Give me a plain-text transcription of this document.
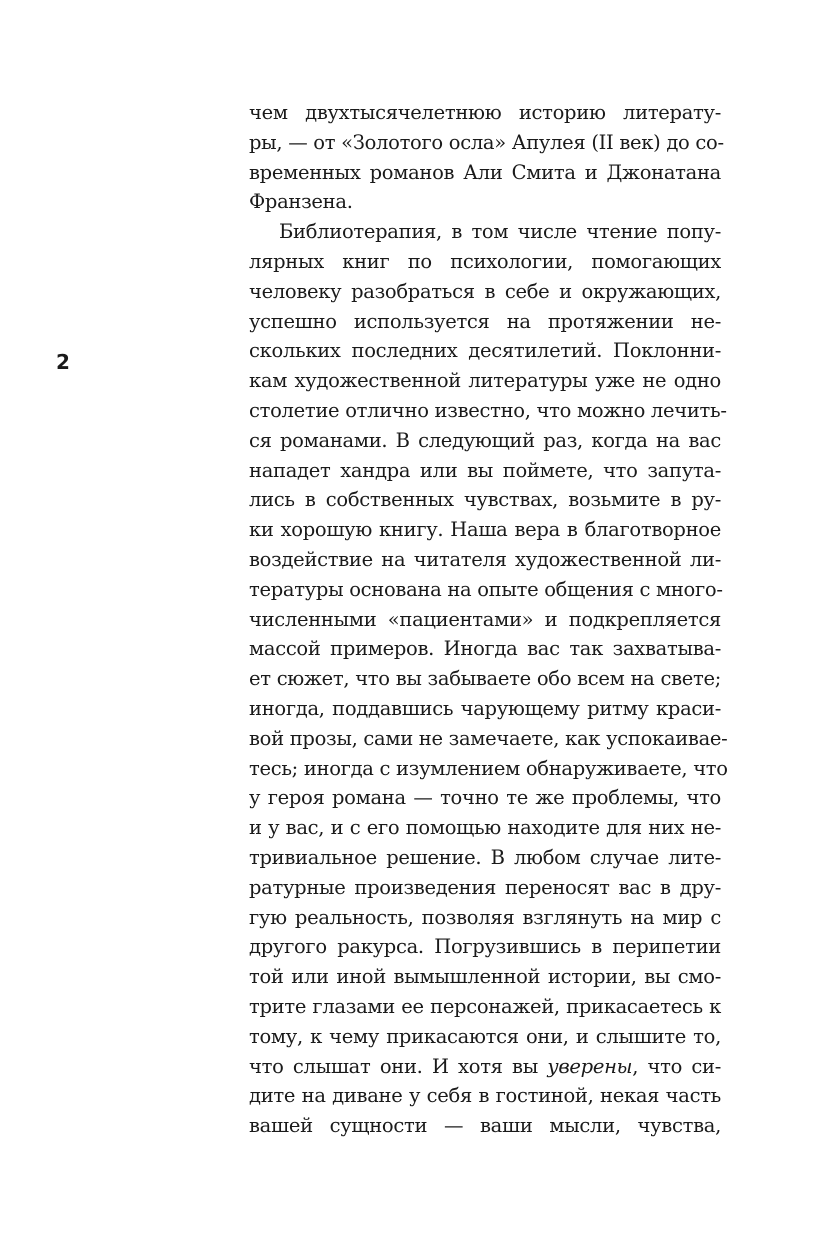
2
чем двухтысячелетнюю историю литерату-
ры, — от «Золотого осла» Апулея (II век) до со-
временных романов Али Смита и Джонатана
Франзена.
Библиотерапия, в том числе чтение попу-
лярных книг по психологии, помогающих
человеку разобраться в себе и окружающих,
успешно используется на протяжении не-
скольких последних десятилетий. Поклонни-
кам художественной литературы уже не одно
столетие отлично известно, что можно лечить-
ся романами. В следующий раз, когда на вас
нападет хандра или вы поймете, что запута-
лись в собственных чувствах, возьмите в ру-
ки хорошую книгу. Наша вера в благотворное
воздействие на читателя художественной ли-
тературы основана на опыте общения с много-
численными «пациентами» и подкрепляется
массой примеров. Иногда вас так захватыва-
ет сюжет, что вы забываете обо всем на свете;
иногда, поддавшись чарующему ритму краси-
вой прозы, сами не замечаете, как успокаивае-
тесь; иногда с изумлением обнаруживаете, что
у героя романа — точно те же проблемы, что
и у вас, и с его помощью находите для них не-
тривиальное решение. В любом случае лите-
ратурные произведения переносят вас в дру-
гую реальность, позволяя взглянуть на мир с
другого ракурса. Погрузившись в перипетии
той или иной вымышленной истории, вы смо-
трите глазами ее персонажей, прикасаетесь к
тому, к чему прикасаются они, и слышите то,
что слышат они. И хотя вы уверены, что си-
дите на диване у себя в гостиной, некая часть
вашей сущности — ваши мысли, чувства,
